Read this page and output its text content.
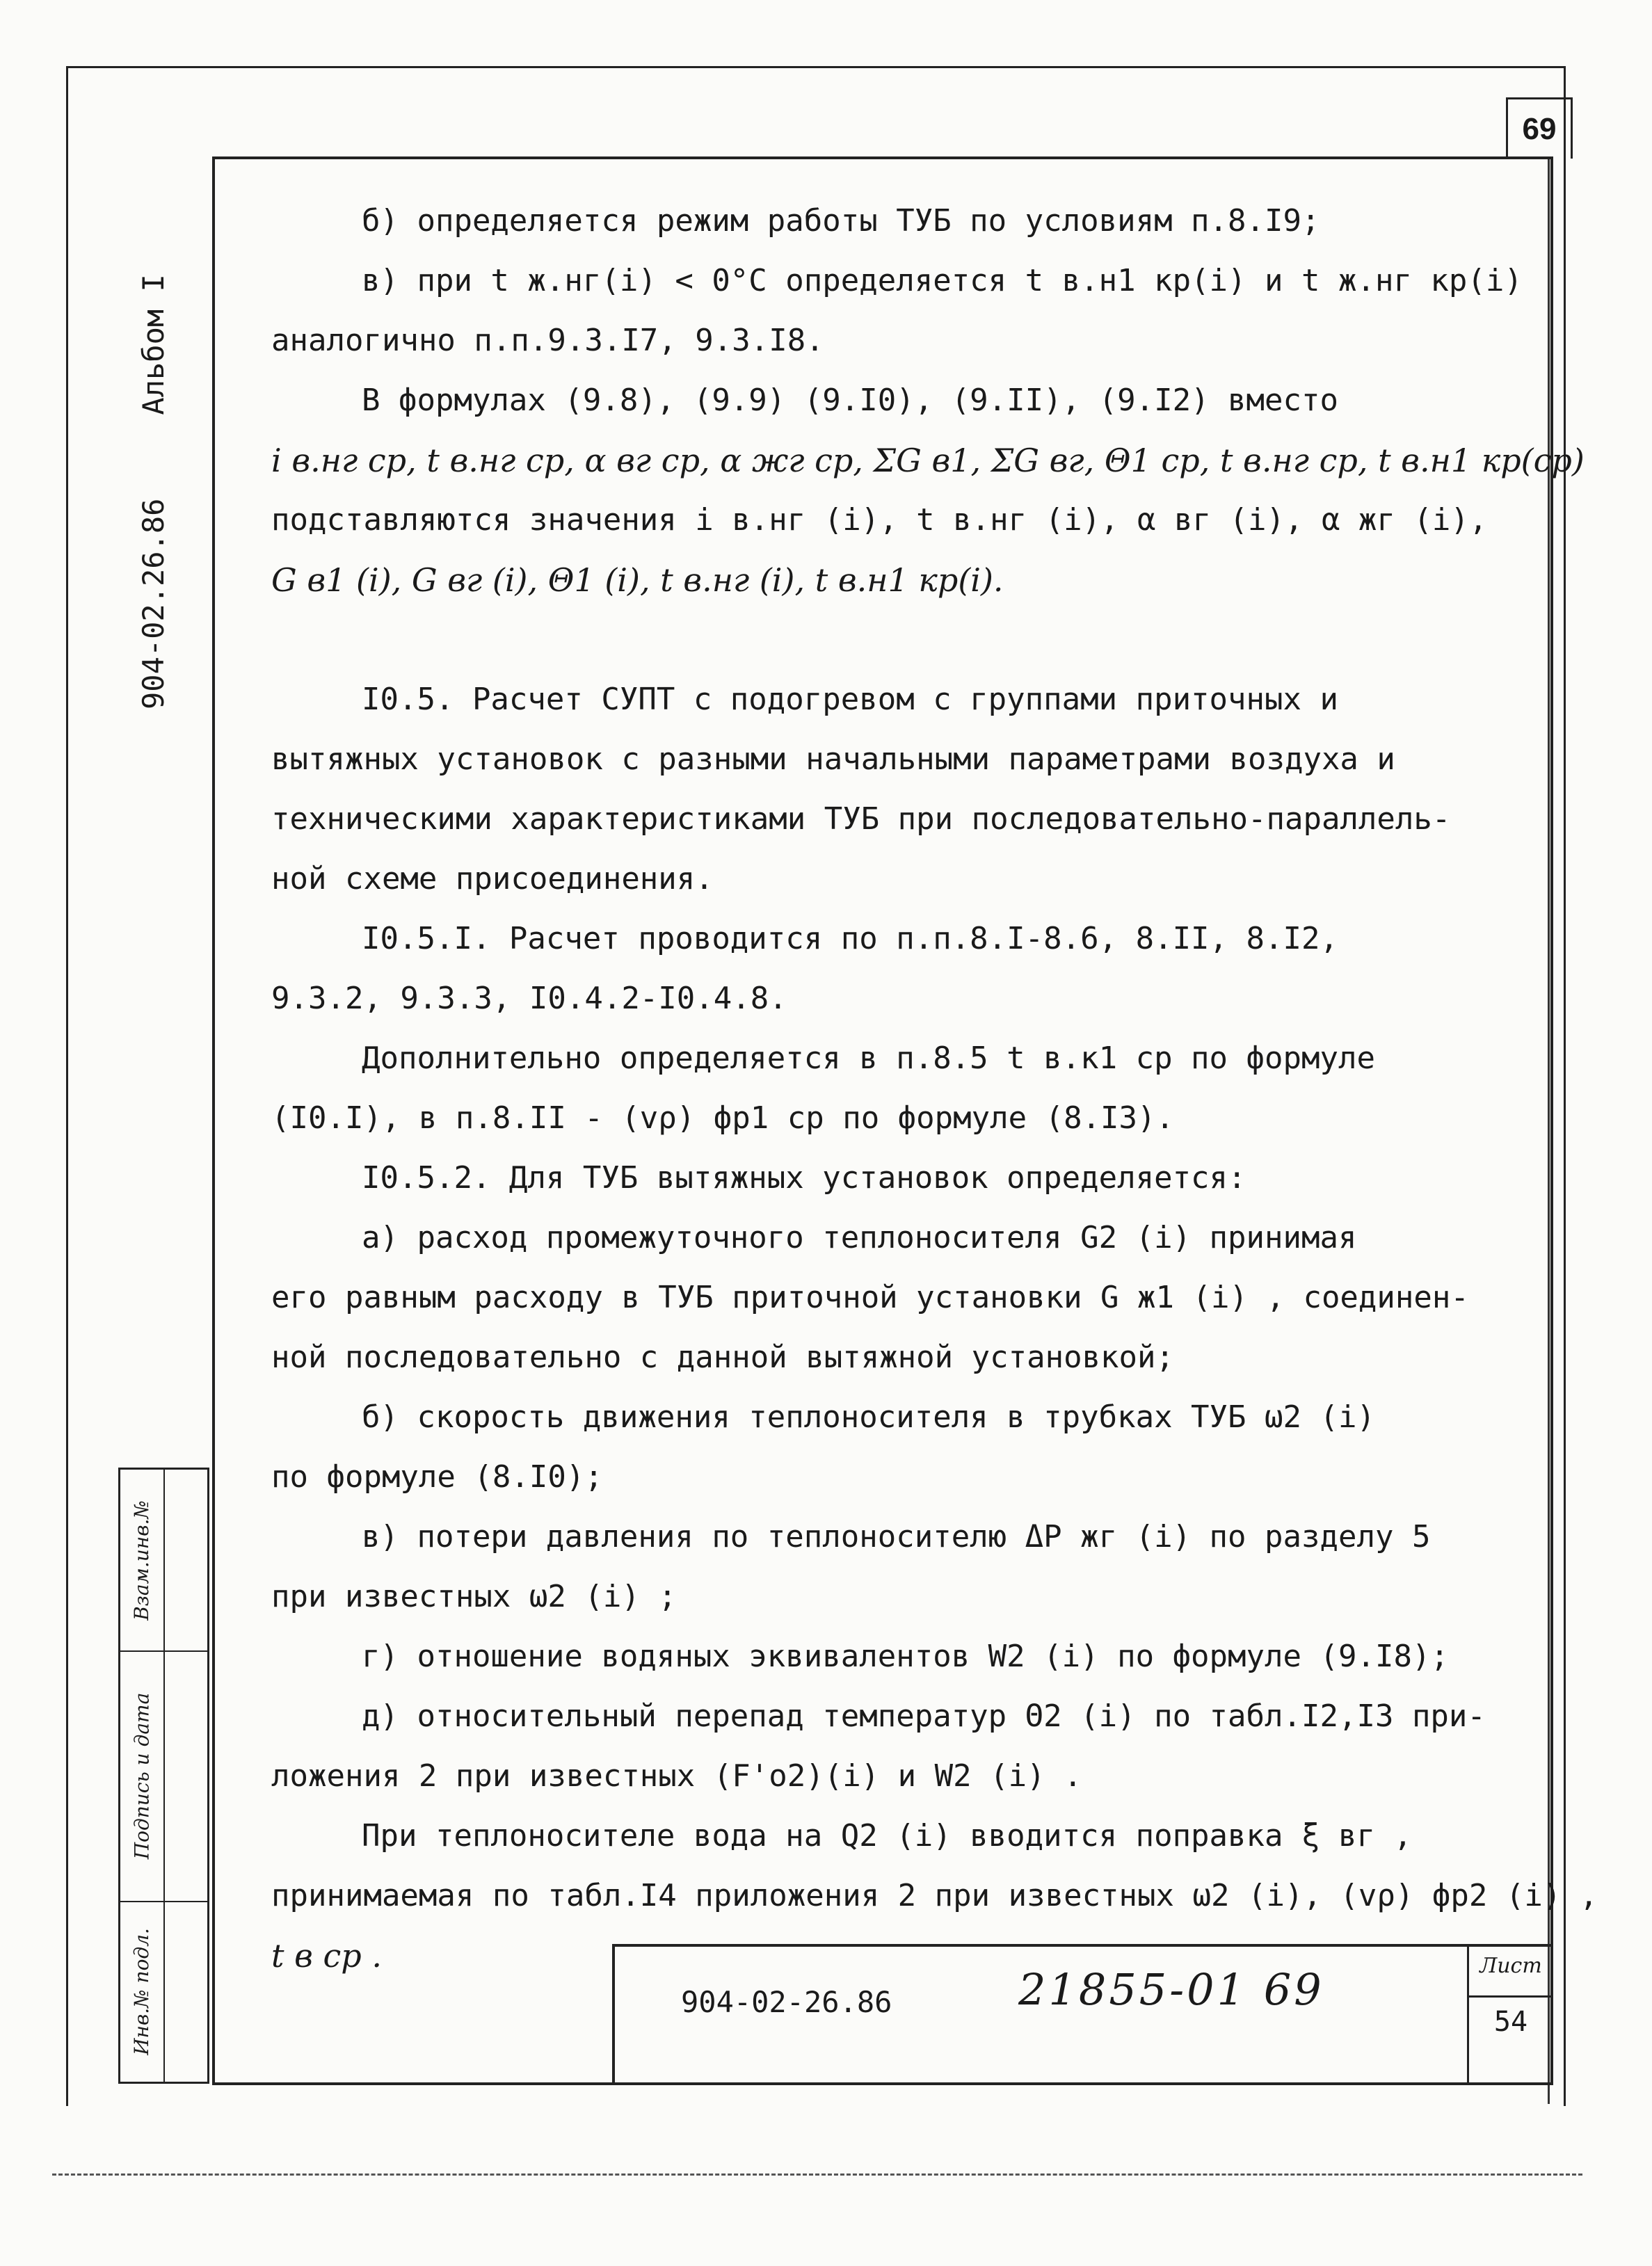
69
904-02.26.86
Альбом I
Взам.инв.№
Подпись и дата
Инв.№ подл.
б) определяется режим работы ТУБ по условиям п.8.I9;
в) при t ж.нг(i) < 0°С определяется t в.н1 кр(i) и t ж.нг кр(i)
аналогично п.п.9.3.I7, 9.3.I8.
В формулах (9.8), (9.9) (9.I0), (9.II), (9.I2) вместо
i в.нг ср, t в.нг ср, α вг ср, α жг ср, ΣG в1, ΣG вг, Θ1 ср, t в.нг ср, t в.н1 кр(ср)
подставляются значения i в.нг (i), t в.нг (i), α вг (i), α жг (i),
G в1 (i), G вг (i), Θ1 (i), t в.нг (i), t в.н1 кр(i).
I0.5. Расчет СУПТ с подогревом с группами приточных и
вытяжных установок с разными начальными параметрами воздуха и
техническими характеристиками ТУБ при последовательно-параллель-
ной схеме присоединения.
I0.5.I. Расчет проводится по п.п.8.I-8.6, 8.II, 8.I2,
9.3.2, 9.3.3, I0.4.2-I0.4.8.
Дополнительно определяется в п.8.5 t в.к1 ср по формуле
(I0.I), в п.8.II - (vρ) фр1 ср по формуле (8.I3).
I0.5.2. Для ТУБ вытяжных установок определяется:
а) расход промежуточного теплоносителя G2 (i) принимая
его равным расходу в ТУБ приточной установки G ж1 (i) , соединен-
ной последовательно с данной вытяжной установкой;
б) скорость движения теплоносителя в трубках ТУБ ω2 (i)
по формуле (8.I0);
в) потери давления по теплоносителю ΔP жг (i) по разделу 5
при известных ω2 (i) ;
г) отношение водяных эквивалентов W2 (i) по формуле (9.I8);
д) относительный перепад температур Θ2 (i) по табл.I2,I3 при-
ложения 2 при известных (F'о2)(i) и W2 (i) .
При теплоносителе вода на Q2 (i) вводится поправка ξ вг ,
принимаемая по табл.I4 приложения 2 при известных ω2 (i), (vρ) фр2 (i) ,
t в ср .
904-02-26.86	21855-01 69	Лист
54
